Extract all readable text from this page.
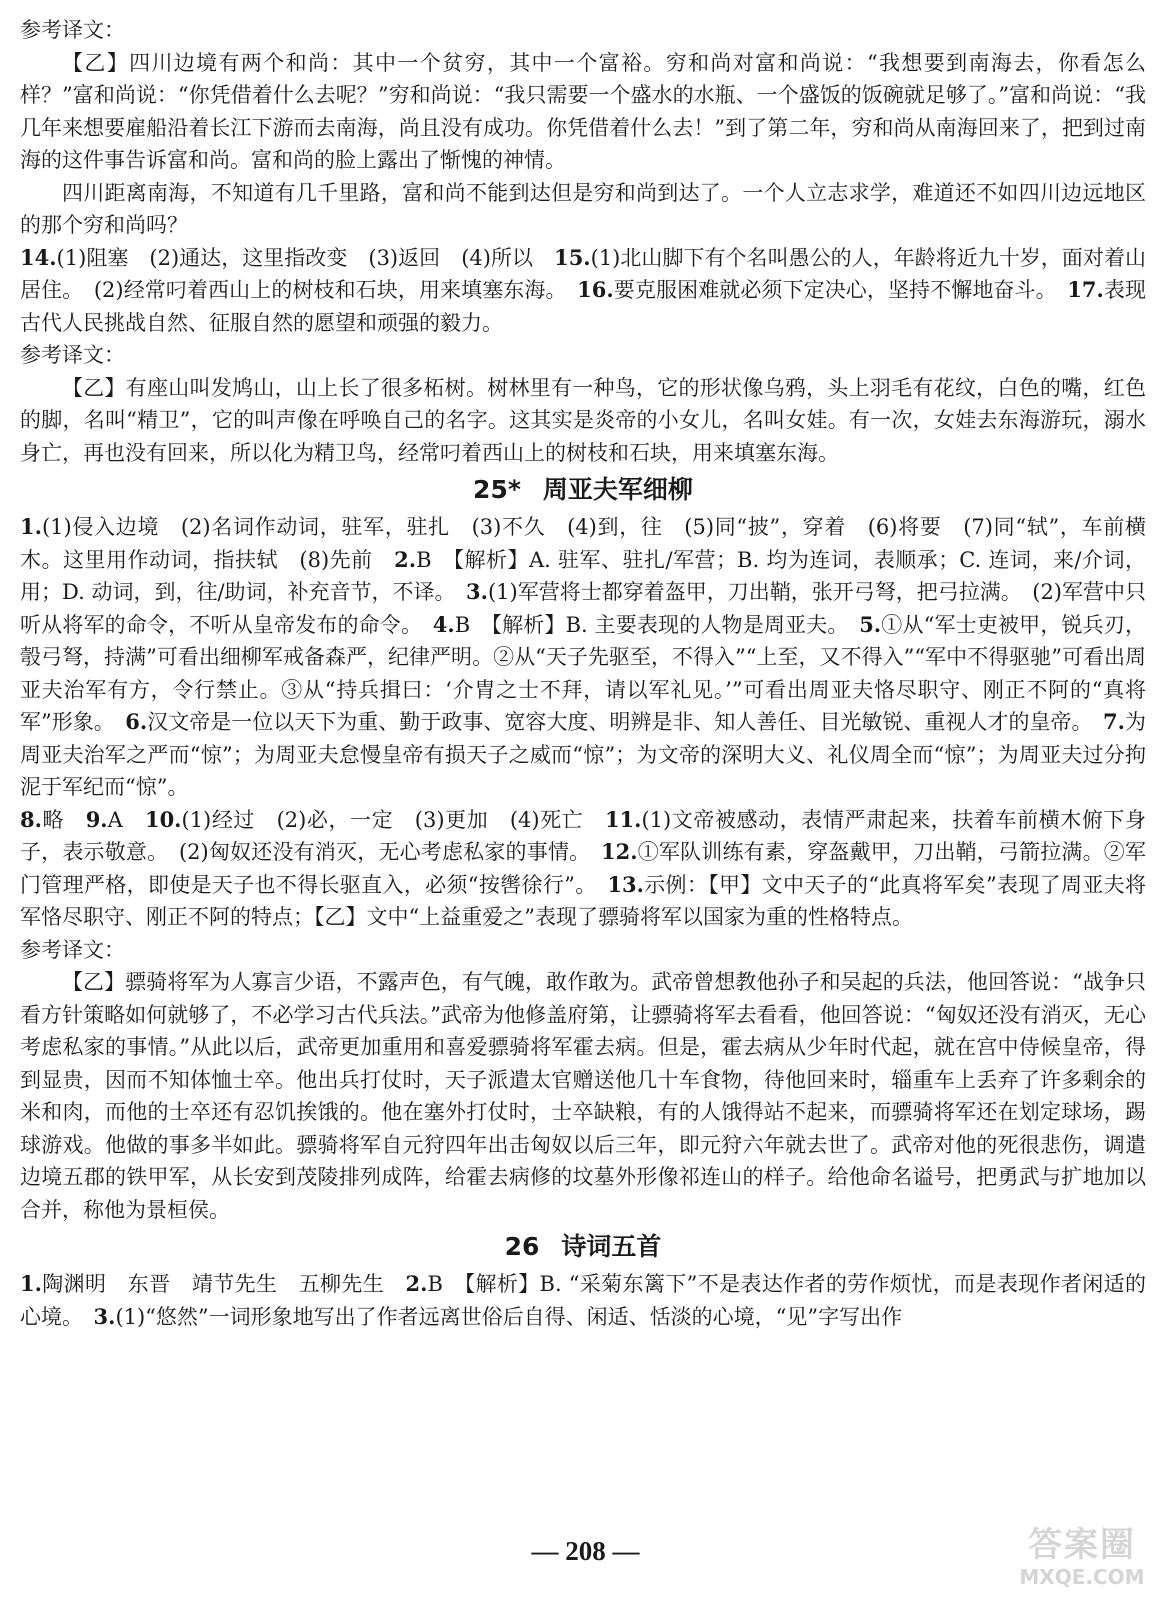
参考译文：

【乙】四川边境有两个和尚：其中一个贫穷，其中一个富裕。穷和尚对富和尚说：“我想要到南海去，你看怎么样？”富和尚说：“你凭借着什么去呢？”穷和尚说：“我只需要一个盛水的水瓶、一个盛饭的饭碗就足够了。”富和尚说：“我几年来想要雇船沿着长江下游而去南海，尚且没有成功。你凭借着什么去！”到了第二年，穷和尚从南海回来了，把到过南海的这件事告诉富和尚。富和尚的脸上露出了惭愧的神情。

四川距离南海，不知道有几千里路，富和尚不能到达但是穷和尚到达了。一个人立志求学，难道还不如四川边远地区的那个穷和尚吗？

14.(1)阻塞　(2)通达，这里指改变　(3)返回　(4)所以　15.(1)北山脚下有个名叫愚公的人，年龄将近九十岁，面对着山居住。　(2)经常叼着西山上的树枝和石块，用来填塞东海。　16.要克服困难就必须下定决心，坚持不懈地奋斗。　17.表现古代人民挑战自然、征服自然的愿望和顽强的毅力。

参考译文：

【乙】有座山叫发鸠山，山上长了很多柘树。树林里有一种鸟，它的形状像乌鸦，头上羽毛有花纹，白色的嘴，红色的脚，名叫“精卫”，它的叫声像在呼唤自己的名字。这其实是炎帝的小女儿，名叫女娃。有一次，女娃去东海游玩，溺水身亡，再也没有回来，所以化为精卫鸟，经常叼着西山上的树枝和石块，用来填塞东海。

25* 周亚夫军细柳

1.(1)侵入边境　(2)名词作动词，驻军，驻扎　(3)不久　(4)到，往　(5)同“披”，穿着　(6)将要　(7)同“轼”，车前横木。这里用作动词，指扶轼　(8)先前　2.B　【解析】A. 驻军、驻扎/军营；B. 均为连词，表顺承；C. 连词，来/介词，用；D. 动词，到，往/助词，补充音节，不译。　3.(1)军营将士都穿着盔甲，刀出鞘，张开弓弩，把弓拉满。　(2)军营中只听从将军的命令，不听从皇帝发布的命令。　4.B　【解析】B. 主要表现的人物是周亚夫。　5.①从“军士吏被甲，锐兵刃，彀弓弩，持满”可看出细柳军戒备森严，纪律严明。②从“天子先驱至，不得入”“上至，又不得入”“军中不得驱驰”可看出周亚夫治军有方，令行禁止。③从“持兵揖曰：‘介胄之士不拜，请以军礼见。’”可看出周亚夫恪尽职守、刚正不阿的“真将军”形象。　6.汉文帝是一位以天下为重、勤于政事、宽容大度、明辨是非、知人善任、目光敏锐、重视人才的皇帝。　7.为周亚夫治军之严而“惊”；为周亚夫怠慢皇帝有损天子之威而“惊”；为文帝的深明大义、礼仪周全而“惊”；为周亚夫过分拘泥于军纪而“惊”。

8.略　9.A　10.(1)经过　(2)必，一定　(3)更加　(4)死亡　11.(1)文帝被感动，表情严肃起来，扶着车前横木俯下身子，表示敬意。　(2)匈奴还没有消灭，无心考虑私家的事情。　12.①军队训练有素，穿盔戴甲，刀出鞘，弓箭拉满。②军门管理严格，即使是天子也不得长驱直入，必须“按辔徐行”。　13.示例：【甲】文中天子的“此真将军矣”表现了周亚夫将军恪尽职守、刚正不阿的特点；【乙】文中“上益重爱之”表现了骠骑将军以国家为重的性格特点。

参考译文：

【乙】骠骑将军为人寡言少语，不露声色，有气魄，敢作敢为。武帝曾想教他孙子和吴起的兵法，他回答说：“战争只看方针策略如何就够了，不必学习古代兵法。”武帝为他修盖府第，让骠骑将军去看看，他回答说：“匈奴还没有消灭，无心考虑私家的事情。”从此以后，武帝更加重用和喜爱骠骑将军霍去病。但是，霍去病从少年时代起，就在宫中侍候皇帝，得到显贵，因而不知体恤士卒。他出兵打仗时，天子派遣太官赠送他几十车食物，待他回来时，辎重车上丢弃了许多剩余的米和肉，而他的士卒还有忍饥挨饿的。他在塞外打仗时，士卒缺粮，有的人饿得站不起来，而骠骑将军还在划定球场，踢球游戏。他做的事多半如此。骠骑将军自元狩四年出击匈奴以后三年，即元狩六年就去世了。武帝对他的死很悲伤，调遣边境五郡的铁甲军，从长安到茂陵排列成阵，给霍去病修的坟墓外形像祁连山的样子。给他命名谥号，把勇武与扩地加以合并，称他为景桓侯。

26 诗词五首

1.陶渊明　东晋　靖节先生　五柳先生　2.B　【解析】B. “采菊东篱下”不是表达作者的劳作烦忧，而是表现作者闲适的心境。　3.(1)“悠然”一词形象地写出了作者远离世俗后自得、闲适、恬淡的心境，“见”字写出作

— 208 —	答案圈
MXQE.COM
